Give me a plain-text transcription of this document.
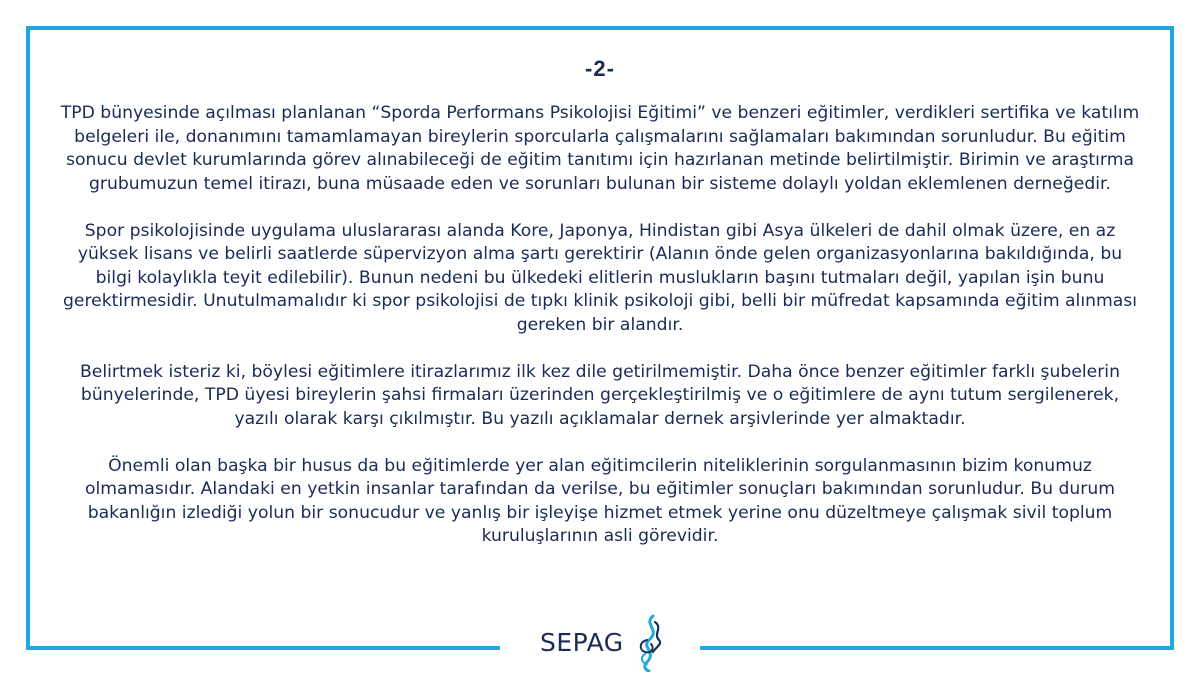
-2-

TPD bünyesinde açılması planlanan “Sporda Performans Psikolojisi Eğitimi” ve benzeri eğitimler, verdikleri sertifika ve katılım belgeleri ile, donanımını tamamlamayan bireylerin sporcularla çalışmalarını sağlamaları bakımından sorunludur. Bu eğitim sonucu devlet kurumlarında görev alınabileceği de eğitim tanıtımı için hazırlanan metinde belirtilmiştir. Birimin ve araştırma grubumuzun temel itirazı, buna müsaade eden ve sorunları bulunan bir sisteme dolaylı yoldan eklemlenen derneğedir.

Spor psikolojisinde uygulama uluslararası alanda Kore, Japonya, Hindistan gibi Asya ülkeleri de dahil olmak üzere, en az yüksek lisans ve belirli saatlerde süpervizyon alma şartı gerektirir (Alanın önde gelen organizasyonlarına bakıldığında, bu bilgi kolaylıkla teyit edilebilir). Bunun nedeni bu ülkedeki elitlerin muslukların başını tutmaları değil, yapılan işin bunu gerektirmesidir. Unutulmamalıdır ki spor psikolojisi de tıpkı klinik psikoloji gibi, belli bir müfredat kapsamında eğitim alınması gereken bir alandır.

Belirtmek isteriz ki, böylesi eğitimlere itirazlarımız ilk kez dile getirilmemiştir. Daha önce benzer eğitimler farklı şubelerin bünyelerinde, TPD üyesi bireylerin şahsi firmaları üzerinden gerçekleştirilmiş ve o eğitimlere de aynı tutum sergilenerek, yazılı olarak karşı çıkılmıştır. Bu yazılı açıklamalar dernek arşivlerinde yer almaktadır.

Önemli olan başka bir husus da bu eğitimlerde yer alan eğitimcilerin niteliklerinin sorgulanmasının bizim konumuz olmamasıdır. Alandaki en yetkin insanlar tarafından da verilse, bu eğitimler sonuçları bakımından sorunludur. Bu durum bakanlığın izlediği yolun bir sonucudur ve yanlış bir işleyişe hizmet etmek yerine onu düzeltmeye çalışmak sivil toplum kuruluşlarının asli görevidir.

SEPAG
